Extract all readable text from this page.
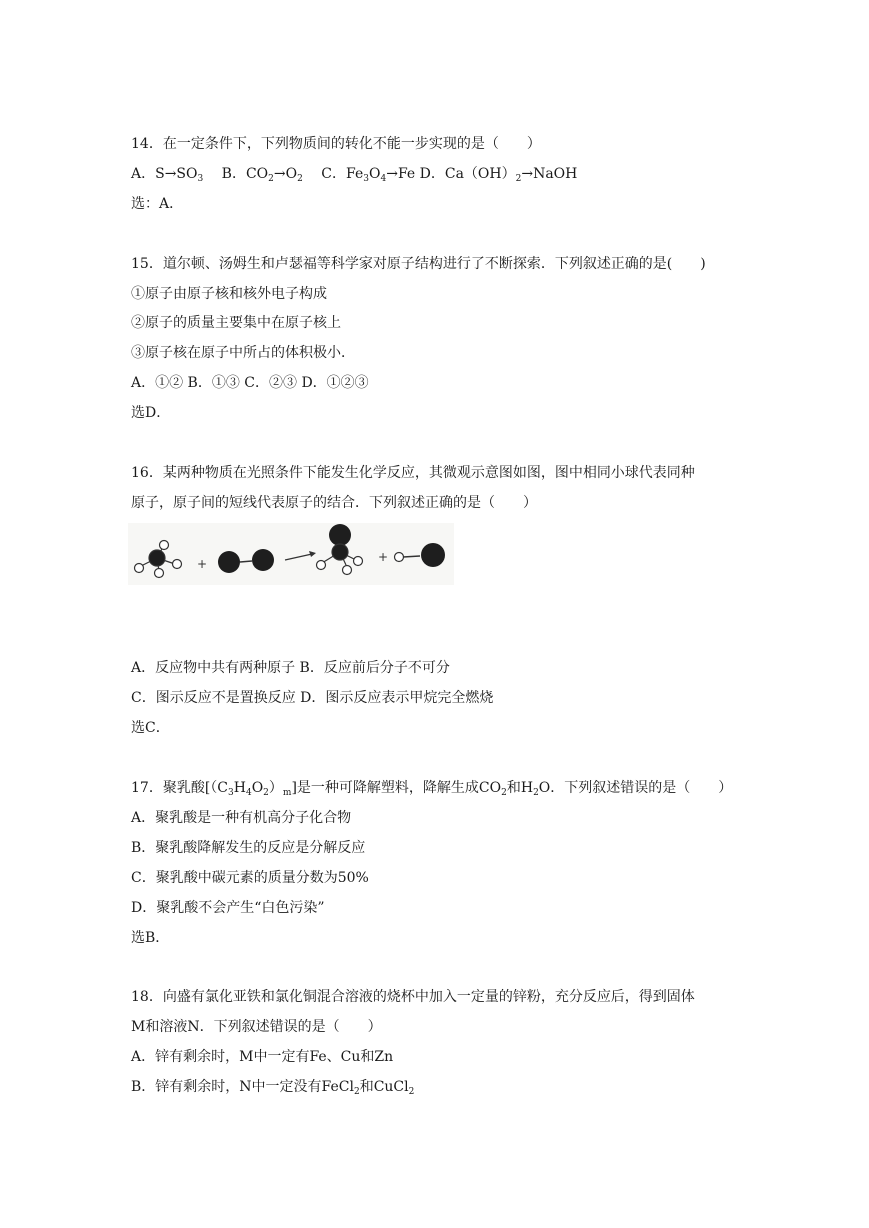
14．在一定条件下，下列物质间的转化不能一步实现的是（　　）
A．$S\to SO_3$　 B．$CO_2\to O_2$　 C．$Fe_3O_4\to Fe$ D．$Ca(OH)_2\to NaOH$
选：A．
15．道尔顿、汤姆生和卢瑟福等科学家对原子结构进行了不断探索．下列叙述正确的是(　　)
①原子由原子核和核外电子构成
②原子的质量主要集中在原子核上
③原子核在原子中所占的体积极小．
A．①② B．①③ C．②③ D．①②③
选D．
16．某两种物质在光照条件下能发生化学反应，其微观示意图如图，图中相同小球代表同种
原子，原子间的短线代表原子的结合．下列叙述正确的是（　　）
+	+
A．反应物中共有两种原子 B．反应前后分子不可分
C．图示反应不是置换反应 D．图示反应表示甲烷完全燃烧
选C．
17．聚乳酸$[(C_3H_4O_2)_m]$是一种可降解塑料，降解生成$CO_2$和$H_2O$．下列叙述错误的是（　　）
A．聚乳酸是一种有机高分子化合物
B．聚乳酸降解发生的反应是分解反应
C．聚乳酸中碳元素的质量分数为50%
D．聚乳酸不会产生“白色污染”
选B．
18．向盛有氯化亚铁和氯化铜混合溶液的烧杯中加入一定量的锌粉，充分反应后，得到固体
M和溶液N．下列叙述错误的是（　　）
A．锌有剩余时，M中一定有Fe、Cu和Zn
B．锌有剩余时，N中一定没有FeCl$_2$和CuCl$_2$
